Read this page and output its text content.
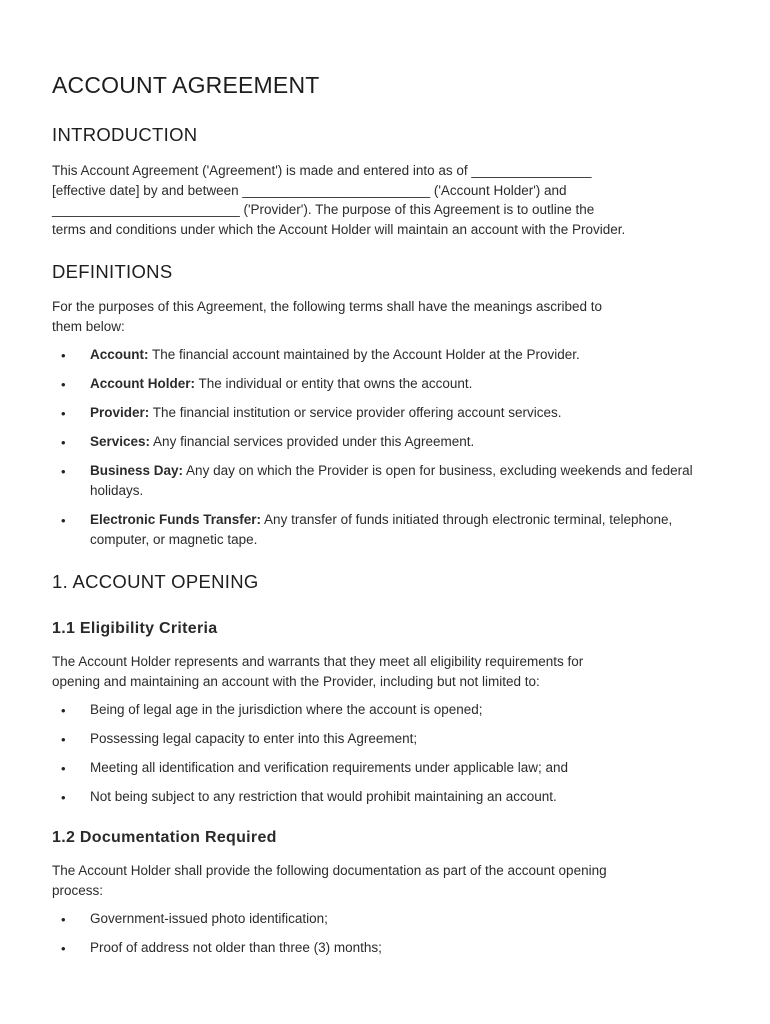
ACCOUNT AGREEMENT
INTRODUCTION
This Account Agreement ('Agreement') is made and entered into as of ________________
[effective date] by and between _________________________ ('Account Holder') and
_________________________ ('Provider'). The purpose of this Agreement is to outline the
terms and conditions under which the Account Holder will maintain an account with the Provider.
DEFINITIONS
For the purposes of this Agreement, the following terms shall have the meanings ascribed to
them below:
• Account: The financial account maintained by the Account Holder at the Provider.
• Account Holder: The individual or entity that owns the account.
• Provider: The financial institution or service provider offering account services.
• Services: Any financial services provided under this Agreement.
• Business Day: Any day on which the Provider is open for business, excluding weekends and federal holidays.
• Electronic Funds Transfer: Any transfer of funds initiated through electronic terminal, telephone, computer, or magnetic tape.
1. ACCOUNT OPENING
1.1 Eligibility Criteria
The Account Holder represents and warrants that they meet all eligibility requirements for
opening and maintaining an account with the Provider, including but not limited to:
• Being of legal age in the jurisdiction where the account is opened;
• Possessing legal capacity to enter into this Agreement;
• Meeting all identification and verification requirements under applicable law; and
• Not being subject to any restriction that would prohibit maintaining an account.
1.2 Documentation Required
The Account Holder shall provide the following documentation as part of the account opening
process:
• Government-issued photo identification;
• Proof of address not older than three (3) months;
